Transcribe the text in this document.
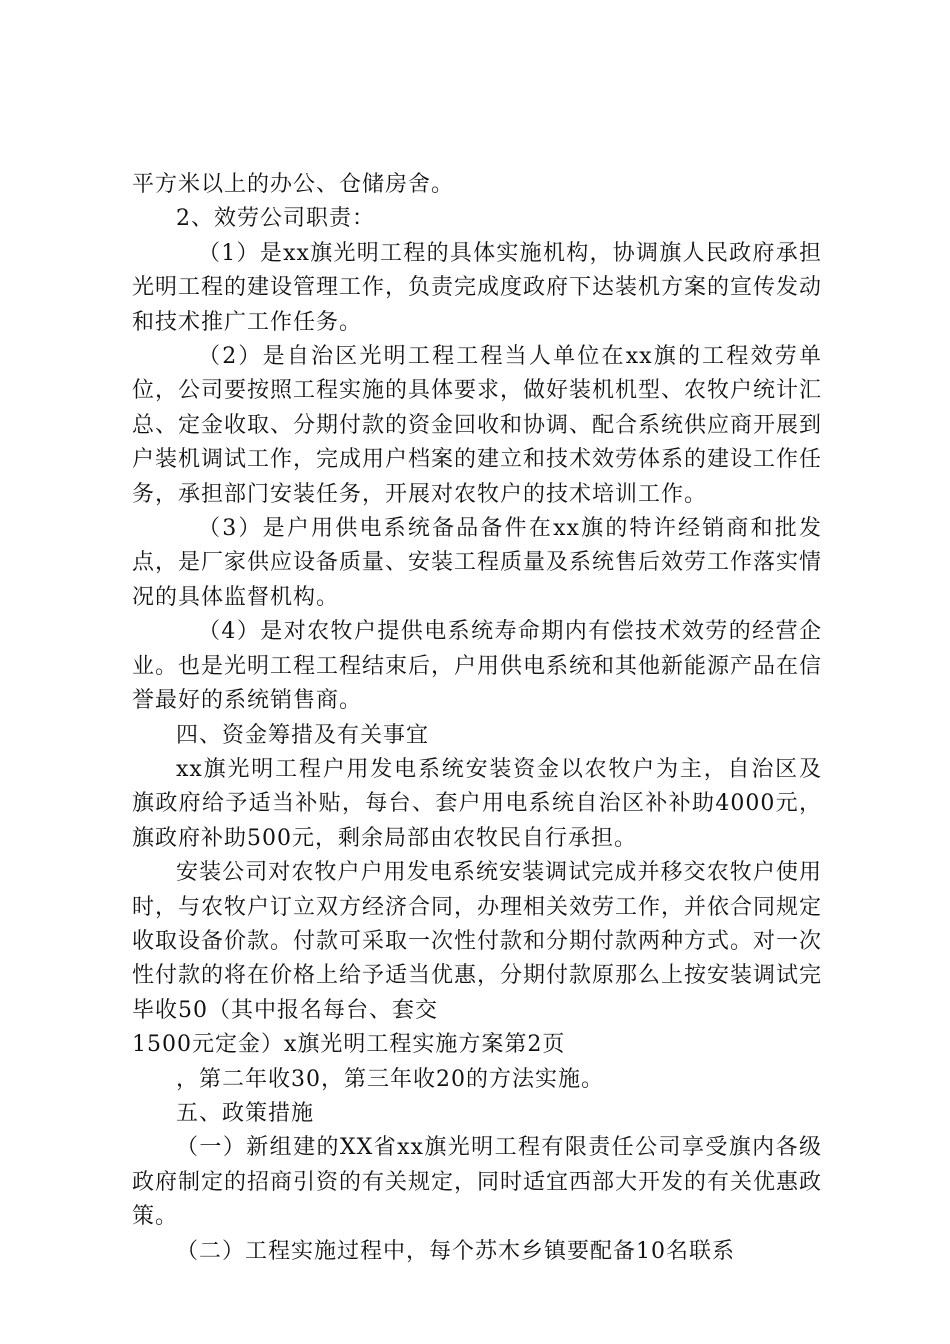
平方米以上的办公、仓储房舍。

2、效劳公司职责：

（1）是xx旗光明工程的具体实施机构，协调旗人民政府承担光明工程的建设管理工作，负责完成度政府下达装机方案的宣传发动和技术推广工作任务。

（2）是自治区光明工程工程当人单位在xx旗的工程效劳单位，公司要按照工程实施的具体要求，做好装机机型、农牧户统计汇总、定金收取、分期付款的资金回收和协调、配合系统供应商开展到户装机调试工作，完成用户档案的建立和技术效劳体系的建设工作任务，承担部门安装任务，开展对农牧户的技术培训工作。

（3）是户用供电系统备品备件在xx旗的特许经销商和批发点，是厂家供应设备质量、安装工程质量及系统售后效劳工作落实情况的具体监督机构。

（4）是对农牧户提供电系统寿命期内有偿技术效劳的经营企业。也是光明工程工程结束后，户用供电系统和其他新能源产品在信誉最好的系统销售商。

四、资金筹措及有关事宜

xx旗光明工程户用发电系统安装资金以农牧户为主，自治区及旗政府给予适当补贴，每台、套户用电系统自治区补补助4000元，旗政府补助500元，剩余局部由农牧民自行承担。

安装公司对农牧户户用发电系统安装调试完成并移交农牧户使用时，与农牧户订立双方经济合同，办理相关效劳工作，并依合同规定收取设备价款。付款可采取一次性付款和分期付款两种方式。对一次性付款的将在价格上给予适当优惠，分期付款原那么上按安装调试完毕收50（其中报名每台、套交

1500元定金）x旗光明工程实施方案第2页

，第二年收30，第三年收20的方法实施。

五、政策措施

（一）新组建的XX省xx旗光明工程有限责任公司享受旗内各级政府制定的招商引资的有关规定，同时适宜西部大开发的有关优惠政策。

（二）工程实施过程中，每个苏木乡镇要配备10名联系
